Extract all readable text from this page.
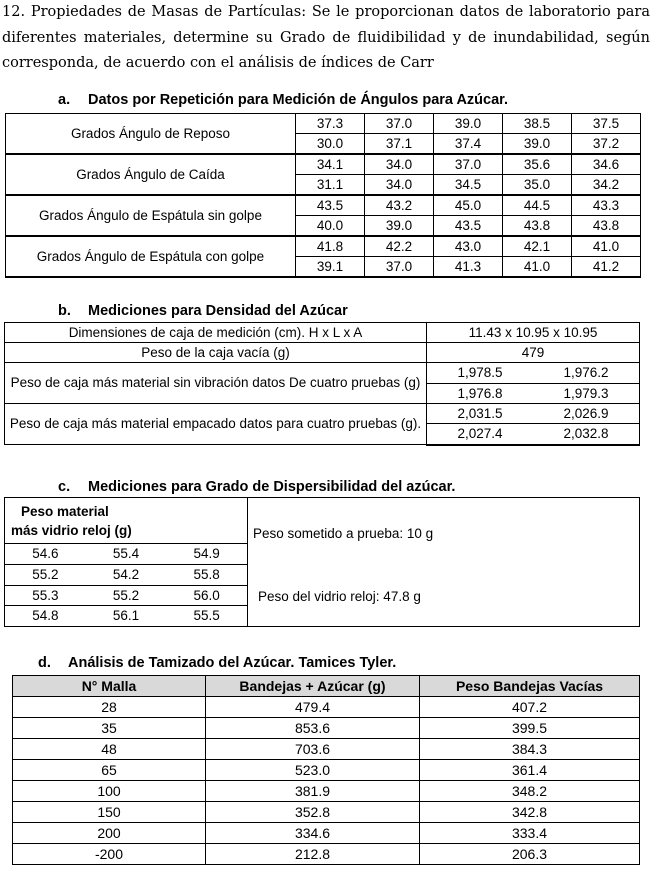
12. Propiedades de Masas de Partículas: Se le proporcionan datos de laboratorio para diferentes materiales, determine su Grado de fluidibilidad y de inundabilidad, según corresponda, de acuerdo con el análisis de índices de Carr
a. Datos por Repetición para Medición de Ángulos para Azúcar.
Grados Ángulo de Reposo	37.3	37.0	39.0	38.5	37.5
	30.0	37.1	37.4	39.0	37.2
Grados Ángulo de Caída	34.1	34.0	37.0	35.6	34.6
	31.1	34.0	34.5	35.0	34.2
Grados Ángulo de Espátula sin golpe	43.5	43.2	45.0	44.5	43.3
	40.0	39.0	43.5	43.8	43.8
Grados Ángulo de Espátula con golpe	41.8	42.2	43.0	42.1	41.0
	39.1	37.0	41.3	41.0	41.2
b. Mediciones para Densidad del Azúcar
Dimensiones de caja de medición (cm). H x L x A	11.43 x 10.95 x 10.95
Peso de la caja vacía (g)	479
Peso de caja más material sin vibración datos De cuatro pruebas (g)	1,978.5 1,976.2

	1,976.8 1,979.3

Peso de caja más material empacado datos para cuatro pruebas (g).	2,031.5 2,026.9

	2,027.4 2,032.8
c. Mediciones para Grado de Dispersibilidad del azúcar.
Peso material
más vidrio reloj (g)
54.6	55.4	54.9
55.2	54.2	55.8
55.3	55.2	56.0
54.8	56.1	55.5
Peso sometido a prueba: 10 g
Peso del vidrio reloj: 47.8 g
d. Análisis de Tamizado del Azúcar. Tamices Tyler.
N° Malla	Bandejas + Azúcar (g)	Peso Bandejas Vacías
28	479.4	407.2
35	853.6	399.5
48	703.6	384.3
65	523.0	361.4
100	381.9	348.2
150	352.8	342.8
200	334.6	333.4
-200	212.8	206.3
